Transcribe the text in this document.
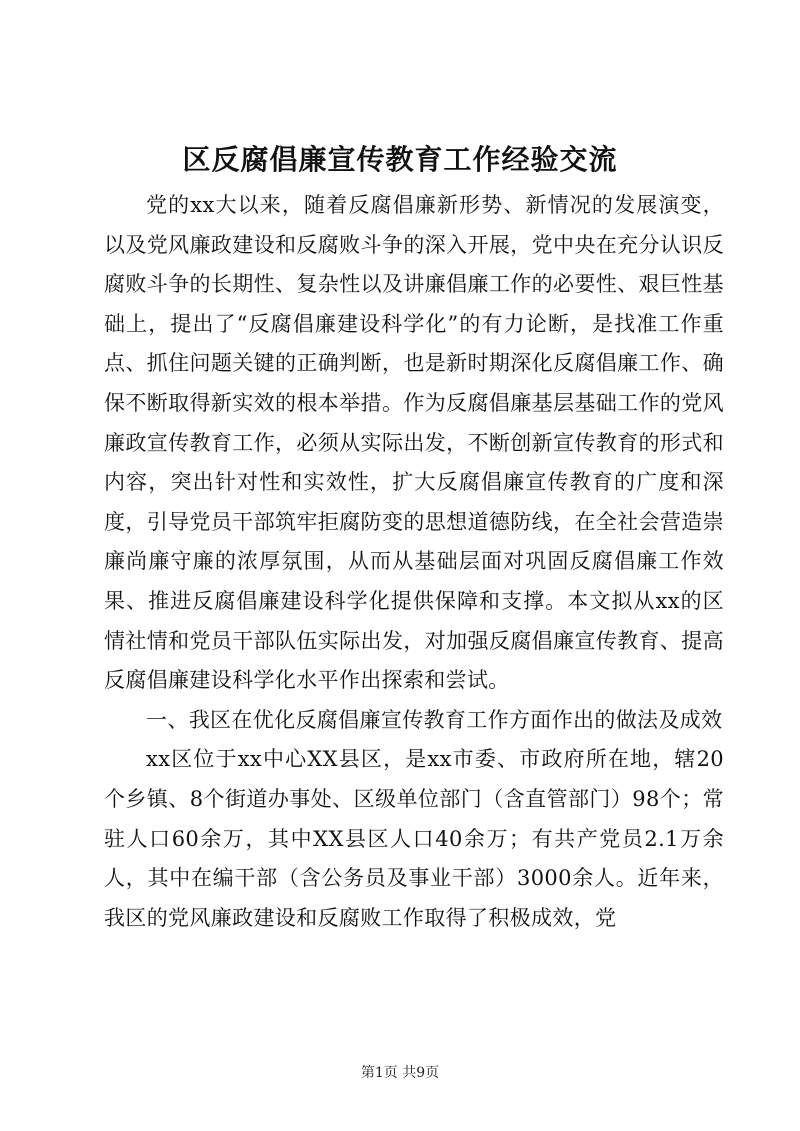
区反腐倡廉宣传教育工作经验交流

党的xx大以来，随着反腐倡廉新形势、新情况的发展演变，以及党风廉政建设和反腐败斗争的深入开展，党中央在充分认识反腐败斗争的长期性、复杂性以及讲廉倡廉工作的必要性、艰巨性基础上，提出了“反腐倡廉建设科学化”的有力论断，是找准工作重点、抓住问题关键的正确判断，也是新时期深化反腐倡廉工作、确保不断取得新实效的根本举措。作为反腐倡廉基层基础工作的党风廉政宣传教育工作，必须从实际出发，不断创新宣传教育的形式和内容，突出针对性和实效性，扩大反腐倡廉宣传教育的广度和深度，引导党员干部筑牢拒腐防变的思想道德防线，在全社会营造崇廉尚廉守廉的浓厚氛围，从而从基础层面对巩固反腐倡廉工作效果、推进反腐倡廉建设科学化提供保障和支撑。本文拟从xx的区情社情和党员干部队伍实际出发，对加强反腐倡廉宣传教育、提高反腐倡廉建设科学化水平作出探索和尝试。

一、我区在优化反腐倡廉宣传教育工作方面作出的做法及成效

xx区位于xx中心XX县区，是xx市委、市政府所在地，辖20个乡镇、8个街道办事处、区级单位部门（含直管部门）98个；常驻人口60余万，其中XX县区人口40余万；有共产党员2.1万余人，其中在编干部（含公务员及事业干部）3000余人。近年来，我区的党风廉政建设和反腐败工作取得了积极成效，党

第1页 共9页
